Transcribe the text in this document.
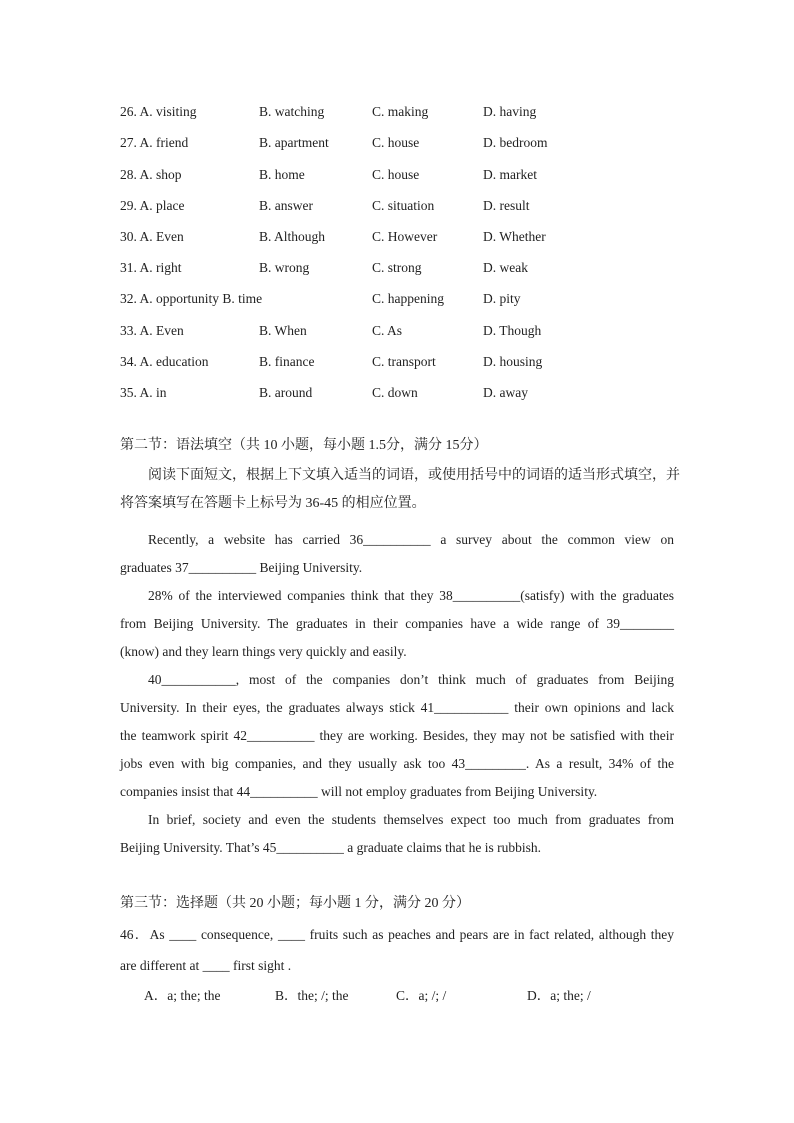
26. A. visiting	B. watching	C. making	D. having
27. A. friend	B. apartment	C. house	D. bedroom
28. A. shop	B. home	C. house	D. market
29. A. place	B. answer	C. situation	D. result
30. A. Even	B. Although	C. However	D. Whether
31. A. right	B. wrong	C. strong	D. weak
32. A. opportunity B. time	C. happening	D. pity
33. A. Even	B. When	C. As	D. Though
34. A. education	B. finance	C. transport	D. housing
35. A. in	B. around	C. down	D. away
第二节：语法填空（共 10 小题，每小题 1.5分，满分 15分）
阅读下面短文，根据上下文填入适当的词语，或使用括号中的词语的适当形式填空，并
将答案填写在答题卡上标号为 36-45 的相应位置。
Recently, a website has carried 36__________ a survey about the common view on
graduates 37__________ Beijing University.
28% of the interviewed companies think that they 38__________(satisfy) with the graduates
from Beijing University. The graduates in their companies have a wide range of 39________
(know) and they learn things very quickly and easily.
40___________, most of the companies don’t think much of graduates from Beijing
University. In their eyes, the graduates always stick 41___________ their own opinions and lack
the teamwork spirit 42__________ they are working. Besides, they may not be satisfied with their
jobs even with big companies, and they usually ask too 43_________. As a result, 34% of the
companies insist that 44__________ will not employ graduates from Beijing University.
In brief, society and even the students themselves expect too much from graduates from
Beijing University. That’s 45__________ a graduate claims that he is rubbish.
第三节：选择题（共 20 小题；每小题 1 分，满分 20 分）
46．As ____ consequence, ____ fruits such as peaches and pears are in fact related, although they
are different at ____ first sight .
A．a; the; the	B．the; /; the	C．a; /; /	D．a; the; /
